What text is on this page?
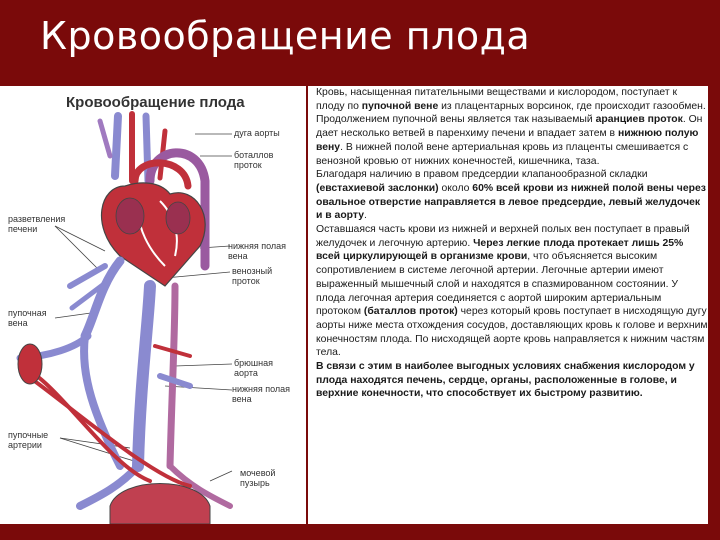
Кровообращение плода

Кровообращение плода

дуга аорты
боталлов
проток
разветвления
печени
нижняя полая
вена
венозный
проток
пупочная
вена
брюшная
аорта
нижняя полая
вена
пупочные
артерии
мочевой
пузырь

Кровь, насыщенная питательными веществами и кислородом, поступает к плоду по пупочной вене из плацентарных ворсинок, где происходит газообмен. Продолжением пупочной вены является так называемый аранциев проток. Он дает несколько ветвей в паренхиму печени и впадает затем в нижнюю полую вену. В нижней полой вене артериальная кровь из плаценты смешивается с венозной кровью от нижних конечностей, кишечника, таза.

Благодаря наличию в правом предсердии клапанообразной складки (евстахиевой заслонки) около 60% всей крови из нижней полой вены через овальное отверстие направляется в левое предсердие, левый желудочек и в аорту.

Оставшаяся часть крови из нижней и верхней полых вен поступает в правый желудочек и легочную артерию. Через легкие плода протекает лишь 25% всей циркулирующей в организме крови, что объясняется высоким сопротивлением в системе легочной артерии. Легочные артерии имеют выраженный мышечный слой и находятся в спазмированном состоянии. У плода легочная артерия соединяется с аортой широким артериальным протоком (баталлов проток) через который кровь поступает в нисходящую дугу аорты ниже места отхождения сосудов, доставляющих кровь к голове и верхним конечностям плода. По нисходящей аорте кровь направляется к нижним частям тела.

В связи с этим в наиболее выгодных условиях снабжения кислородом у плода находятся печень, сердце, органы, расположенные в голове, и верхние конечности, что способствует их быстрому развитию.
